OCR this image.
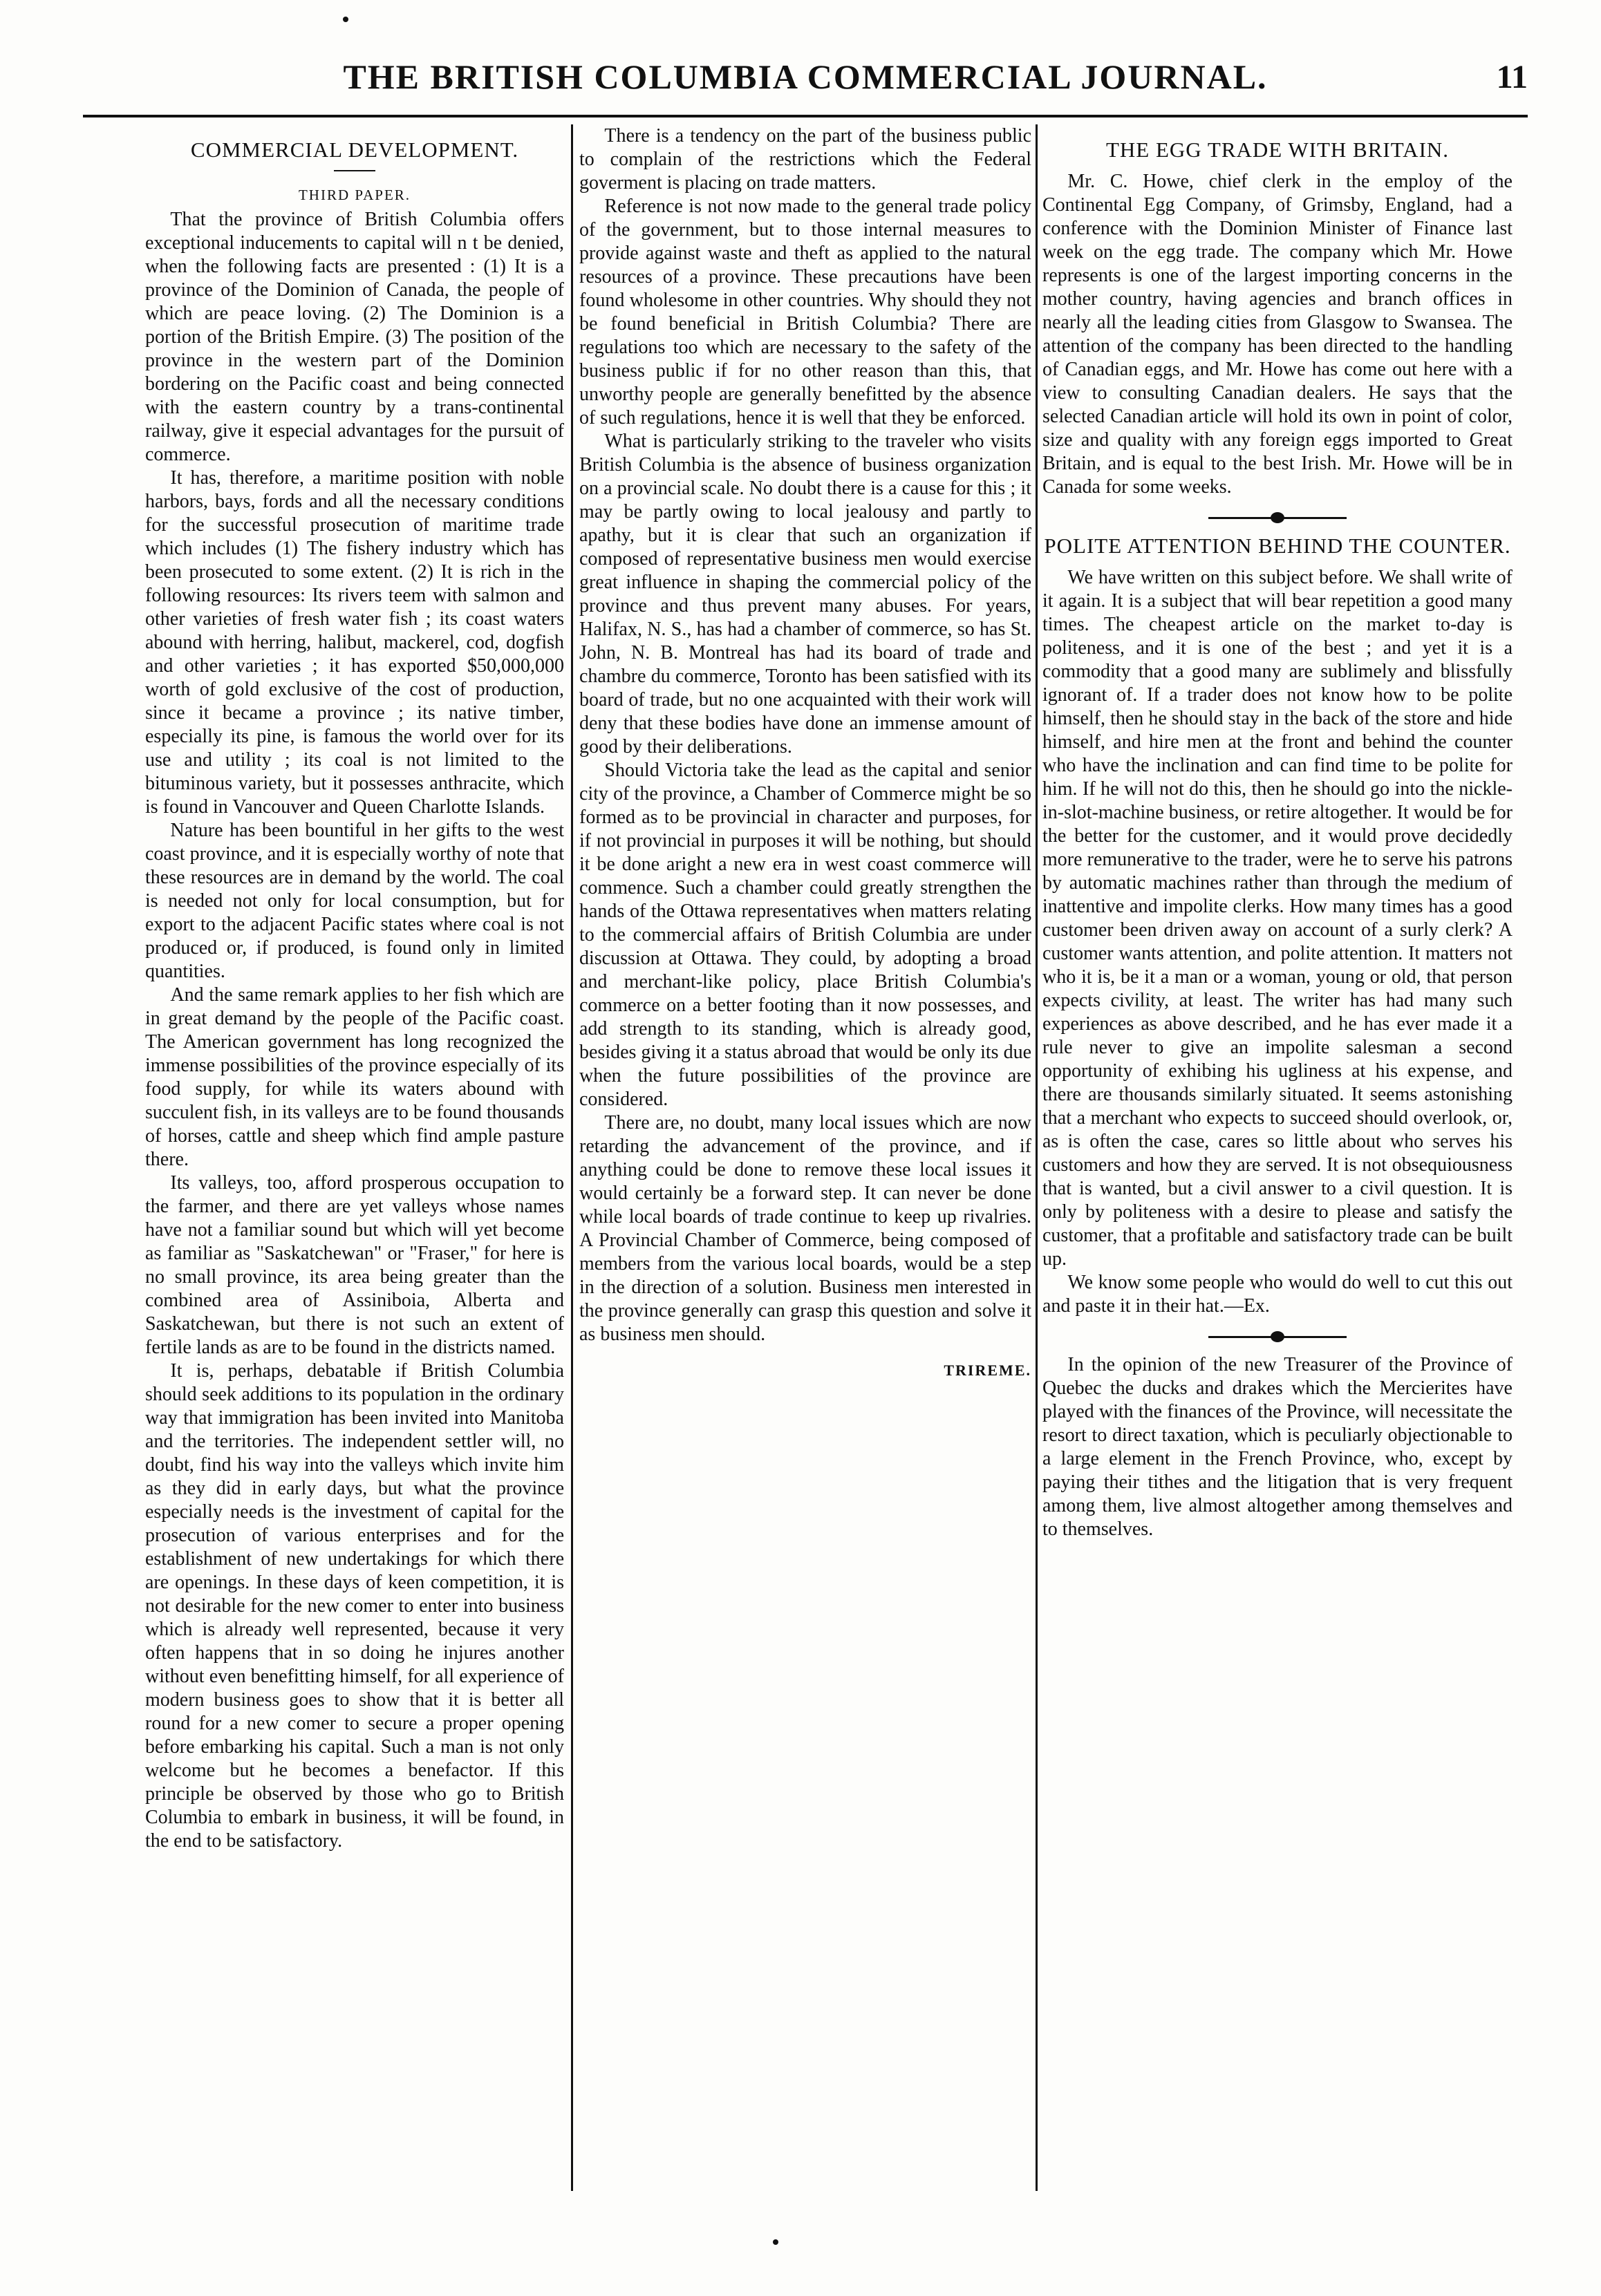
THE BRITISH COLUMBIA COMMERCIAL JOURNAL.	11
COMMERCIAL DEVELOPMENT.
THIRD PAPER.

That the province of British Columbia offers exceptional inducements to capital will n t be denied, when the following facts are presented : (1) It is a province of the Dominion of Canada, the people of which are peace loving. (2) The Dominion is a portion of the British Empire. (3) The position of the province in the western part of the Dominion bordering on the Pacific coast and being connected with the eastern country by a trans-continental railway, give it especial advantages for the pursuit of commerce.

It has, therefore, a maritime position with noble harbors, bays, fords and all the necessary conditions for the successful prosecution of maritime trade which includes (1) The fishery industry which has been prosecuted to some extent. (2) It is rich in the following resources: Its rivers teem with salmon and other varieties of fresh water fish ; its coast waters abound with herring, halibut, mackerel, cod, dogfish and other varieties ; it has exported $50,000,000 worth of gold exclusive of the cost of production, since it became a province ; its native timber, especially its pine, is famous the world over for its use and utility ; its coal is not limited to the bituminous variety, but it possesses anthracite, which is found in Vancouver and Queen Charlotte Islands.

Nature has been bountiful in her gifts to the west coast province, and it is especially worthy of note that these resources are in demand by the world. The coal is needed not only for local consumption, but for export to the adjacent Pacific states where coal is not produced or, if produced, is found only in limited quantities.

And the same remark applies to her fish which are in great demand by the people of the Pacific coast. The American government has long recognized the immense possibilities of the province especially of its food supply, for while its waters abound with succulent fish, in its valleys are to be found thousands of horses, cattle and sheep which find ample pasture there.

Its valleys, too, afford prosperous occupation to the farmer, and there are yet valleys whose names have not a familiar sound but which will yet become as familiar as "Saskatchewan" or "Fraser," for here is no small province, its area being greater than the combined area of Assiniboia, Alberta and Saskatchewan, but there is not such an extent of fertile lands as are to be found in the districts named.

It is, perhaps, debatable if British Columbia should seek additions to its population in the ordinary way that immigration has been invited into Manitoba and the territories. The independent settler will, no doubt, find his way into the valleys which invite him as they did in early days, but what the province especially needs is the investment of capital for the prosecution of various enterprises and for the establishment of new undertakings for which there are openings. In these days of keen competition, it is not desirable for the new comer to enter into business which is already well represented, because it very often happens that in so doing he injures another without even benefitting himself, for all experience of modern business goes to show that it is better all round for a new comer to secure a proper opening before embarking his capital. Such a man is not only welcome but he becomes a benefactor. If this principle be observed by those who go to British Columbia to embark in business, it will be found, in the end to be satisfactory.

There is a tendency on the part of the business public to complain of the restrictions which the Federal goverment is placing on trade matters.

Reference is not now made to the general trade policy of the government, but to those internal measures to provide against waste and theft as applied to the natural resources of a province. These precautions have been found wholesome in other countries. Why should they not be found beneficial in British Columbia? There are regulations too which are necessary to the safety of the business public if for no other reason than this, that unworthy people are generally benefitted by the absence of such regulations, hence it is well that they be enforced.

What is particularly striking to the traveler who visits British Columbia is the absence of business organization on a provincial scale. No doubt there is a cause for this ; it may be partly owing to local jealousy and partly to apathy, but it is clear that such an organization if composed of representative business men would exercise great influence in shaping the commercial policy of the province and thus prevent many abuses. For years, Halifax, N. S., has had a chamber of commerce, so has St. John, N. B. Montreal has had its board of trade and chambre du commerce, Toronto has been satisfied with its board of trade, but no one acquainted with their work will deny that these bodies have done an immense amount of good by their deliberations.

Should Victoria take the lead as the capital and senior city of the province, a Chamber of Commerce might be so formed as to be provincial in character and purposes, for if not provincial in purposes it will be nothing, but should it be done aright a new era in west coast commerce will commence. Such a chamber could greatly strengthen the hands of the Ottawa representatives when matters relating to the commercial affairs of British Columbia are under discussion at Ottawa. They could, by adopting a broad and merchant-like policy, place British Columbia's commerce on a better footing than it now possesses, and add strength to its standing, which is already good, besides giving it a status abroad that would be only its due when the future possibilities of the province are considered.

There are, no doubt, many local issues which are now retarding the advancement of the province, and if anything could be done to remove these local issues it would certainly be a forward step. It can never be done while local boards of trade continue to keep up rivalries. A Provincial Chamber of Commerce, being composed of members from the various local boards, would be a step in the direction of a solution. Business men interested in the province generally can grasp this question and solve it as business men should.

TRIREME.
THE EGG TRADE WITH BRITAIN.

Mr. C. Howe, chief clerk in the employ of the Continental Egg Company, of Grimsby, England, had a conference with the Dominion Minister of Finance last week on the egg trade. The company which Mr. Howe represents is one of the largest importing concerns in the mother country, having agencies and branch offices in nearly all the leading cities from Glasgow to Swansea. The attention of the company has been directed to the handling of Canadian eggs, and Mr. Howe has come out here with a view to consulting Canadian dealers. He says that the selected Canadian article will hold its own in point of color, size and quality with any foreign eggs imported to Great Britain, and is equal to the best Irish. Mr. Howe will be in Canada for some weeks.

POLITE ATTENTION BEHIND THE COUNTER.

We have written on this subject before. We shall write of it again. It is a subject that will bear repetition a good many times. The cheapest article on the market to-day is politeness, and it is one of the best ; and yet it is a commodity that a good many are sublimely and blissfully ignorant of. If a trader does not know how to be polite himself, then he should stay in the back of the store and hide himself, and hire men at the front and behind the counter who have the inclination and can find time to be polite for him. If he will not do this, then he should go into the nickle-in-slot-machine business, or retire altogether. It would be for the better for the customer, and it would prove decidedly more remunerative to the trader, were he to serve his patrons by automatic machines rather than through the medium of inattentive and impolite clerks. How many times has a good customer been driven away on account of a surly clerk? A customer wants attention, and polite attention. It matters not who it is, be it a man or a woman, young or old, that person expects civility, at least. The writer has had many such experiences as above described, and he has ever made it a rule never to give an impolite salesman a second opportunity of exhibing his ugliness at his expense, and there are thousands similarly situated. It seems astonishing that a merchant who expects to succeed should overlook, or, as is often the case, cares so little about who serves his customers and how they are served. It is not obsequiousness that is wanted, but a civil answer to a civil question. It is only by politeness with a desire to please and satisfy the customer, that a profitable and satisfactory trade can be built up.

We know some people who would do well to cut this out and paste it in their hat.—Ex.

In the opinion of the new Treasurer of the Province of Quebec the ducks and drakes which the Mercierites have played with the finances of the Province, will necessitate the resort to direct taxation, which is peculiarly objectionable to a large element in the French Province, who, except by paying their tithes and the litigation that is very frequent among them, live almost altogether among themselves and to themselves.
